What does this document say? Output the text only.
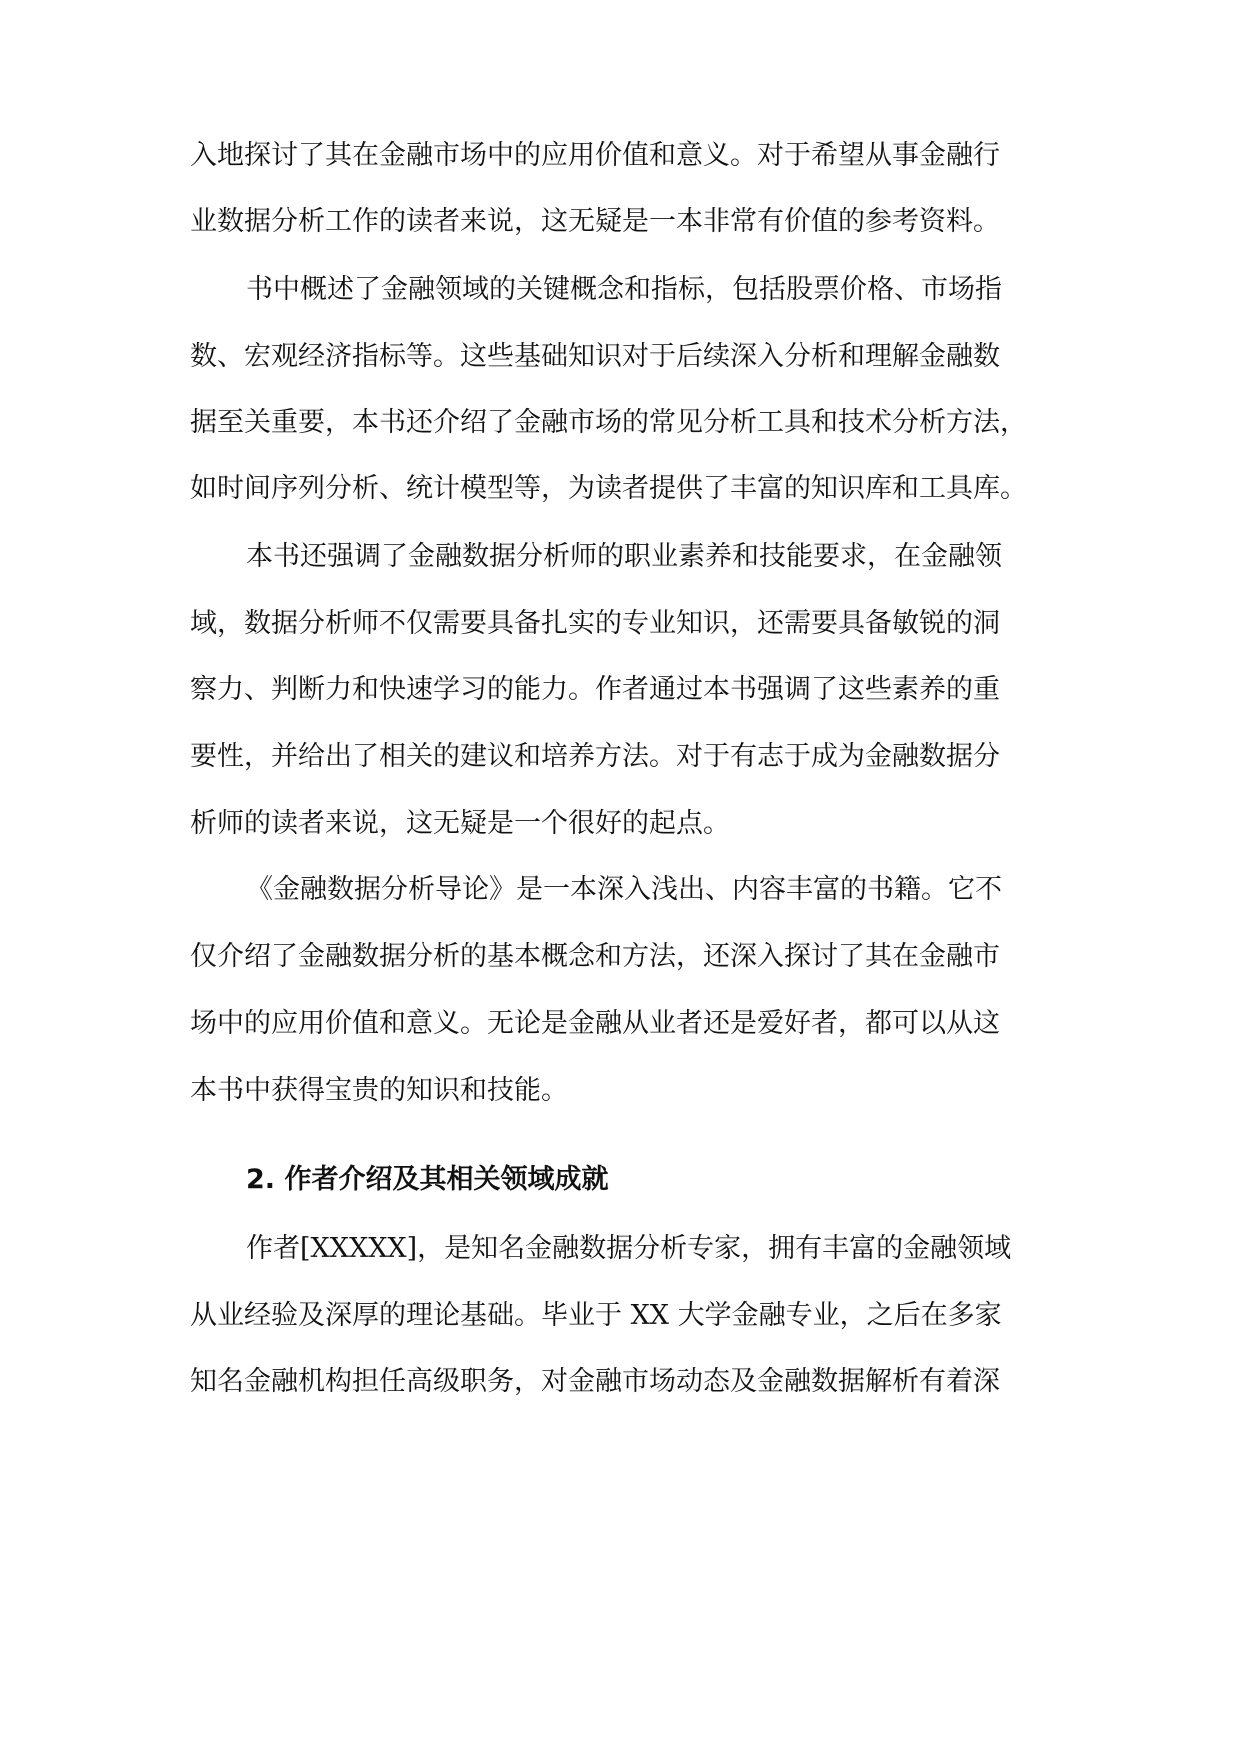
入地探讨了其在金融市场中的应用价值和意义。对于希望从事金融行
业数据分析工作的读者来说，这无疑是一本非常有价值的参考资料。
书中概述了金融领域的关键概念和指标，包括股票价格、市场指
数、宏观经济指标等。这些基础知识对于后续深入分析和理解金融数
据至关重要，本书还介绍了金融市场的常见分析工具和技术分析方法，
如时间序列分析、统计模型等，为读者提供了丰富的知识库和工具库。
本书还强调了金融数据分析师的职业素养和技能要求，在金融领
域，数据分析师不仅需要具备扎实的专业知识，还需要具备敏锐的洞
察力、判断力和快速学习的能力。作者通过本书强调了这些素养的重
要性，并给出了相关的建议和培养方法。对于有志于成为金融数据分
析师的读者来说，这无疑是一个很好的起点。
《金融数据分析导论》是一本深入浅出、内容丰富的书籍。它不
仅介绍了金融数据分析的基本概念和方法，还深入探讨了其在金融市
场中的应用价值和意义。无论是金融从业者还是爱好者，都可以从这
本书中获得宝贵的知识和技能。
2. 作者介绍及其相关领域成就
作者[XXXXX]，是知名金融数据分析专家，拥有丰富的金融领域
从业经验及深厚的理论基础。毕业于 XX 大学金融专业，之后在多家
知名金融机构担任高级职务，对金融市场动态及金融数据解析有着深
